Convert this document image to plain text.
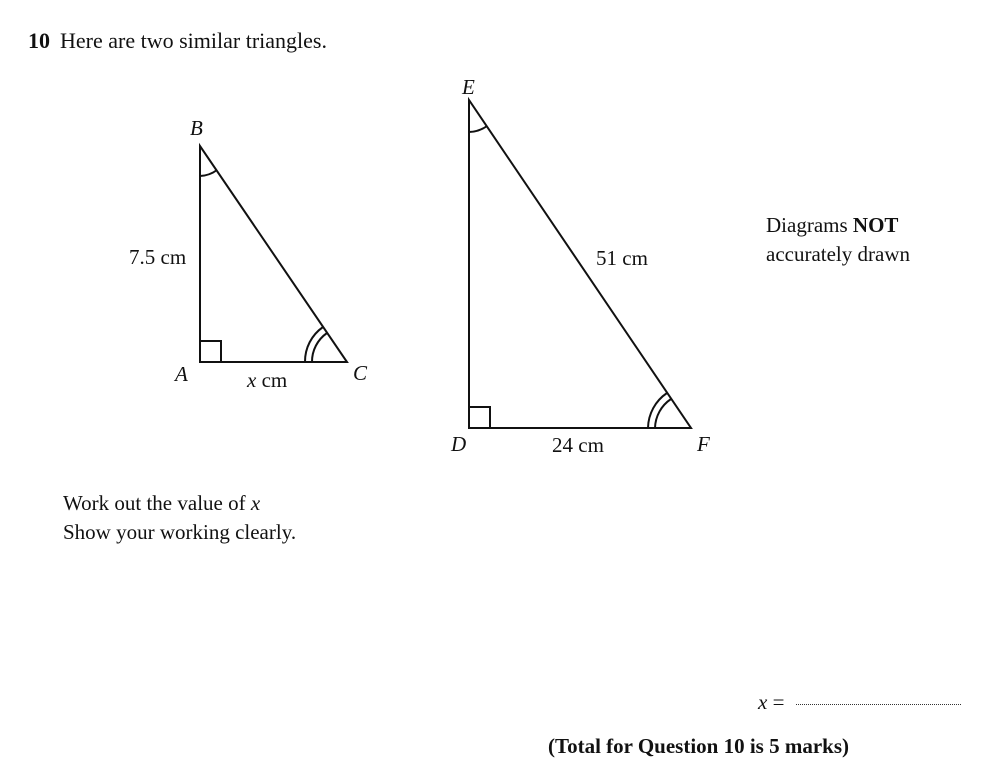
10 Here are two similar triangles.
B
A	C
7.5 cm
x cm
E
D	F
51 cm
24 cm
Diagrams NOT
accurately drawn
Work out the value of x
Show your working clearly.
x =
(Total for Question 10 is 5 marks)
